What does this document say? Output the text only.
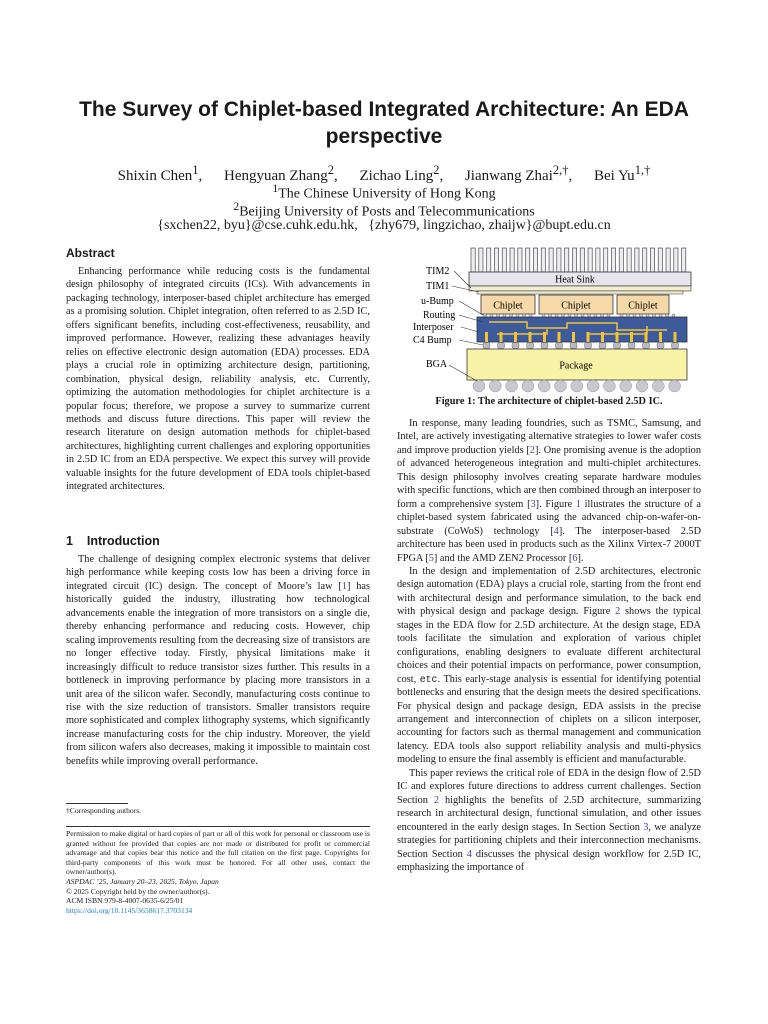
The Survey of Chiplet-based Integrated Architecture: An EDA perspective
Shixin Chen$^1$, Hengyuan Zhang$^2$, Zichao Ling$^2$, Jianwang Zhai$^{2,\dagger}$, Bei $Yu^{1,\dagger}$
$^1$The Chinese University of Hong Kong
$^2$Beijing University of Posts and Telecommunications
{sxchen22, byu}@cse.cuhk.edu.hk,   {zhy679, lingzichao, zhaijw}@bupt.edu.cn
Abstract

Enhancing performance while reducing costs is the fundamental design philosophy of integrated circuits (ICs). With advancements in packaging technology, interposer-based chiplet architecture has emerged as a promising solution. Chiplet integration, often referred to as 2.5D IC, offers significant benefits, including cost-effectiveness, reusability, and improved performance. However, realizing these advantages heavily relies on effective electronic design automation (EDA) processes. EDA plays a crucial role in optimizing architecture design, partitioning, combination, physical design, reliability analysis, etc. Currently, optimizing the automation methodologies for chiplet architecture is a popular focus; therefore, we propose a survey to summarize current methods and discuss future directions. This paper will review the research literature on design automation methods for chiplet-based architectures, highlighting current challenges and exploring opportunities in 2.5D IC from an EDA perspective. We expect this survey will provide valuable insights for the future development of EDA tools chiplet-based integrated architectures.

1 Introduction

The challenge of designing complex electronic systems that deliver high performance while keeping costs low has been a driving force in integrated circuit (IC) design. The concept of Moore’s law [1] has historically guided the industry, illustrating how technological advancements enable the integration of more transistors on a single die, thereby enhancing performance and reducing costs. However, chip scaling improvements resulting from the decreasing size of transistors are no longer effective today. Firstly, physical limitations make it increasingly difficult to reduce transistor sizes further. This results in a bottleneck in improving performance by placing more transistors in a unit area of the silicon wafer. Secondly, manufacturing costs continue to rise with the size reduction of transistors. Smaller transistors require more sophisticated and complex lithography systems, which significantly increase manufacturing costs for the chip industry. Moreover, the yield from silicon wafers also decreases, making it impossible to maintain cost benefits while improving overall performance.

†Corresponding authors.

Permission to make digital or hard copies of part or all of this work for personal or classroom use is granted without fee provided that copies are not made or distributed for profit or commercial advantage and that copies bear this notice and the full citation on the first page. Copyrights for third-party components of this work must be honored. For all other uses, contact the owner/author(s).

ASPDAC ’25, January 20–23, 2025, Tokyo, Japan

© 2025 Copyright held by the owner/author(s).

ACM ISBN 979-8-4007-0635-6/25/01

https://doi.org/10.1145/3658617.3703134

Heat Sink
Chiplet	Chiplet	Chiplet
Package
TIM2
TIM1
u-Bump
Routing
Interposer
C4 Bump
BGA

Figure 1: The architecture of chiplet-based 2.5D IC.

In response, many leading foundries, such as TSMC, Samsung, and Intel, are actively investigating alternative strategies to lower wafer costs and improve production yields [2]. One promising avenue is the adoption of advanced heterogeneous integration and multi-chiplet architectures. This design philosophy involves creating separate hardware modules with specific functions, which are then combined through an interposer to form a comprehensive system [3]. Figure 1 illustrates the structure of a chiplet-based system fabricated using the advanced chip-on-wafer-on-substrate (CoWoS) technology [4]. The interposer-based 2.5D architecture has been used in products such as the Xilinx Virtex-7 2000T FPGA [5] and the AMD ZEN2 Processor [6].

In the design and implementation of 2.5D architectures, electronic design automation (EDA) plays a crucial role, starting from the front end with architectural design and performance simulation, to the back end with physical design and package design. Figure 2 shows the typical stages in the EDA flow for 2.5D architecture. At the design stage, EDA tools facilitate the simulation and exploration of various chiplet configurations, enabling designers to evaluate different architectural choices and their potential impacts on performance, power consumption, cost, etc. This early-stage analysis is essential for identifying potential bottlenecks and ensuring that the design meets the desired specifications. For physical design and package design, EDA assists in the precise arrangement and interconnection of chiplets on a silicon interposer, accounting for factors such as thermal management and communication latency. EDA tools also support reliability analysis and multi-physics modeling to ensure the final assembly is efficient and manufacturable.

This paper reviews the critical role of EDA in the design flow of 2.5D IC and explores future directions to address current challenges. Section Section 2 highlights the benefits of 2.5D architecture, summarizing research in architectural design, functional simulation, and other issues encountered in the early design stages. In Section Section 3, we analyze strategies for partitioning chiplets and their interconnection mechanisms. Section Section 4 discusses the physical design workflow for 2.5D IC, emphasizing the importance of
